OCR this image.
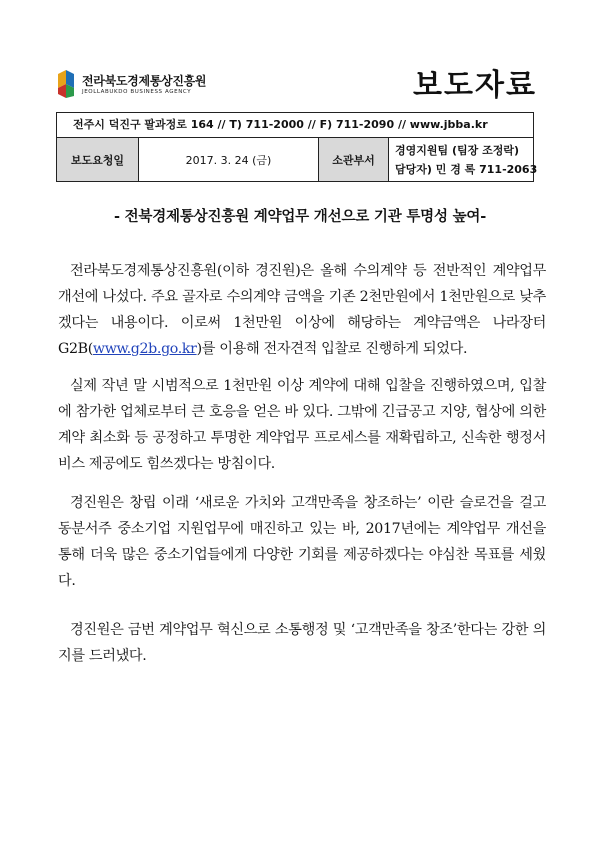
전라북도경제통상진흥원
JEOLLABUKDO BUSINESS AGENCY	보도자료
전주시 덕진구 팔과정로 164 // T) 711-2000 // F) 711-2090 // www.jbba.kr
보도요청일	2017. 3. 24 (금)	소관부서
경영지원팀 (팀장 조정락)
담당자) 민 경 록 711-2063
- 전북경제통상진흥원 계약업무 개선으로 기관 투명성 높여-

전라북도경제통상진흥원(이하 경진원)은 올해 수의계약 등 전반적인 계약업무 개선에 나섰다. 주요 골자로 수의계약 금액을 기존 2천만원에서 1천만원으로 낮추겠다는 내용이다. 이로써 1천만원 이상에 해당하는 계약금액은 나라장터G2B(www.g2b.go.kr)를 이용해 전자견적 입찰로 진행하게 되었다.

실제 작년 말 시범적으로 1천만원 이상 계약에 대해 입찰을 진행하였으며, 입찰에 참가한 업체로부터 큰 호응을 얻은 바 있다. 그밖에 긴급공고 지양, 협상에 의한 계약 최소화 등 공정하고 투명한 계약업무 프로세스를 재확립하고, 신속한 행정서비스 제공에도 힘쓰겠다는 방침이다.

경진원은 창립 이래 ‘새로운 가치와 고객만족을 창조하는’ 이란 슬로건을 걸고 동분서주 중소기업 지원업무에 매진하고 있는 바, 2017년에는 계약업무 개선을 통해 더욱 많은 중소기업들에게 다양한 기회를 제공하겠다는 야심찬 목표를 세웠다.

경진원은 금번 계약업무 혁신으로 소통행정 및 ‘고객만족을 창조’한다는 강한 의지를 드러냈다.
